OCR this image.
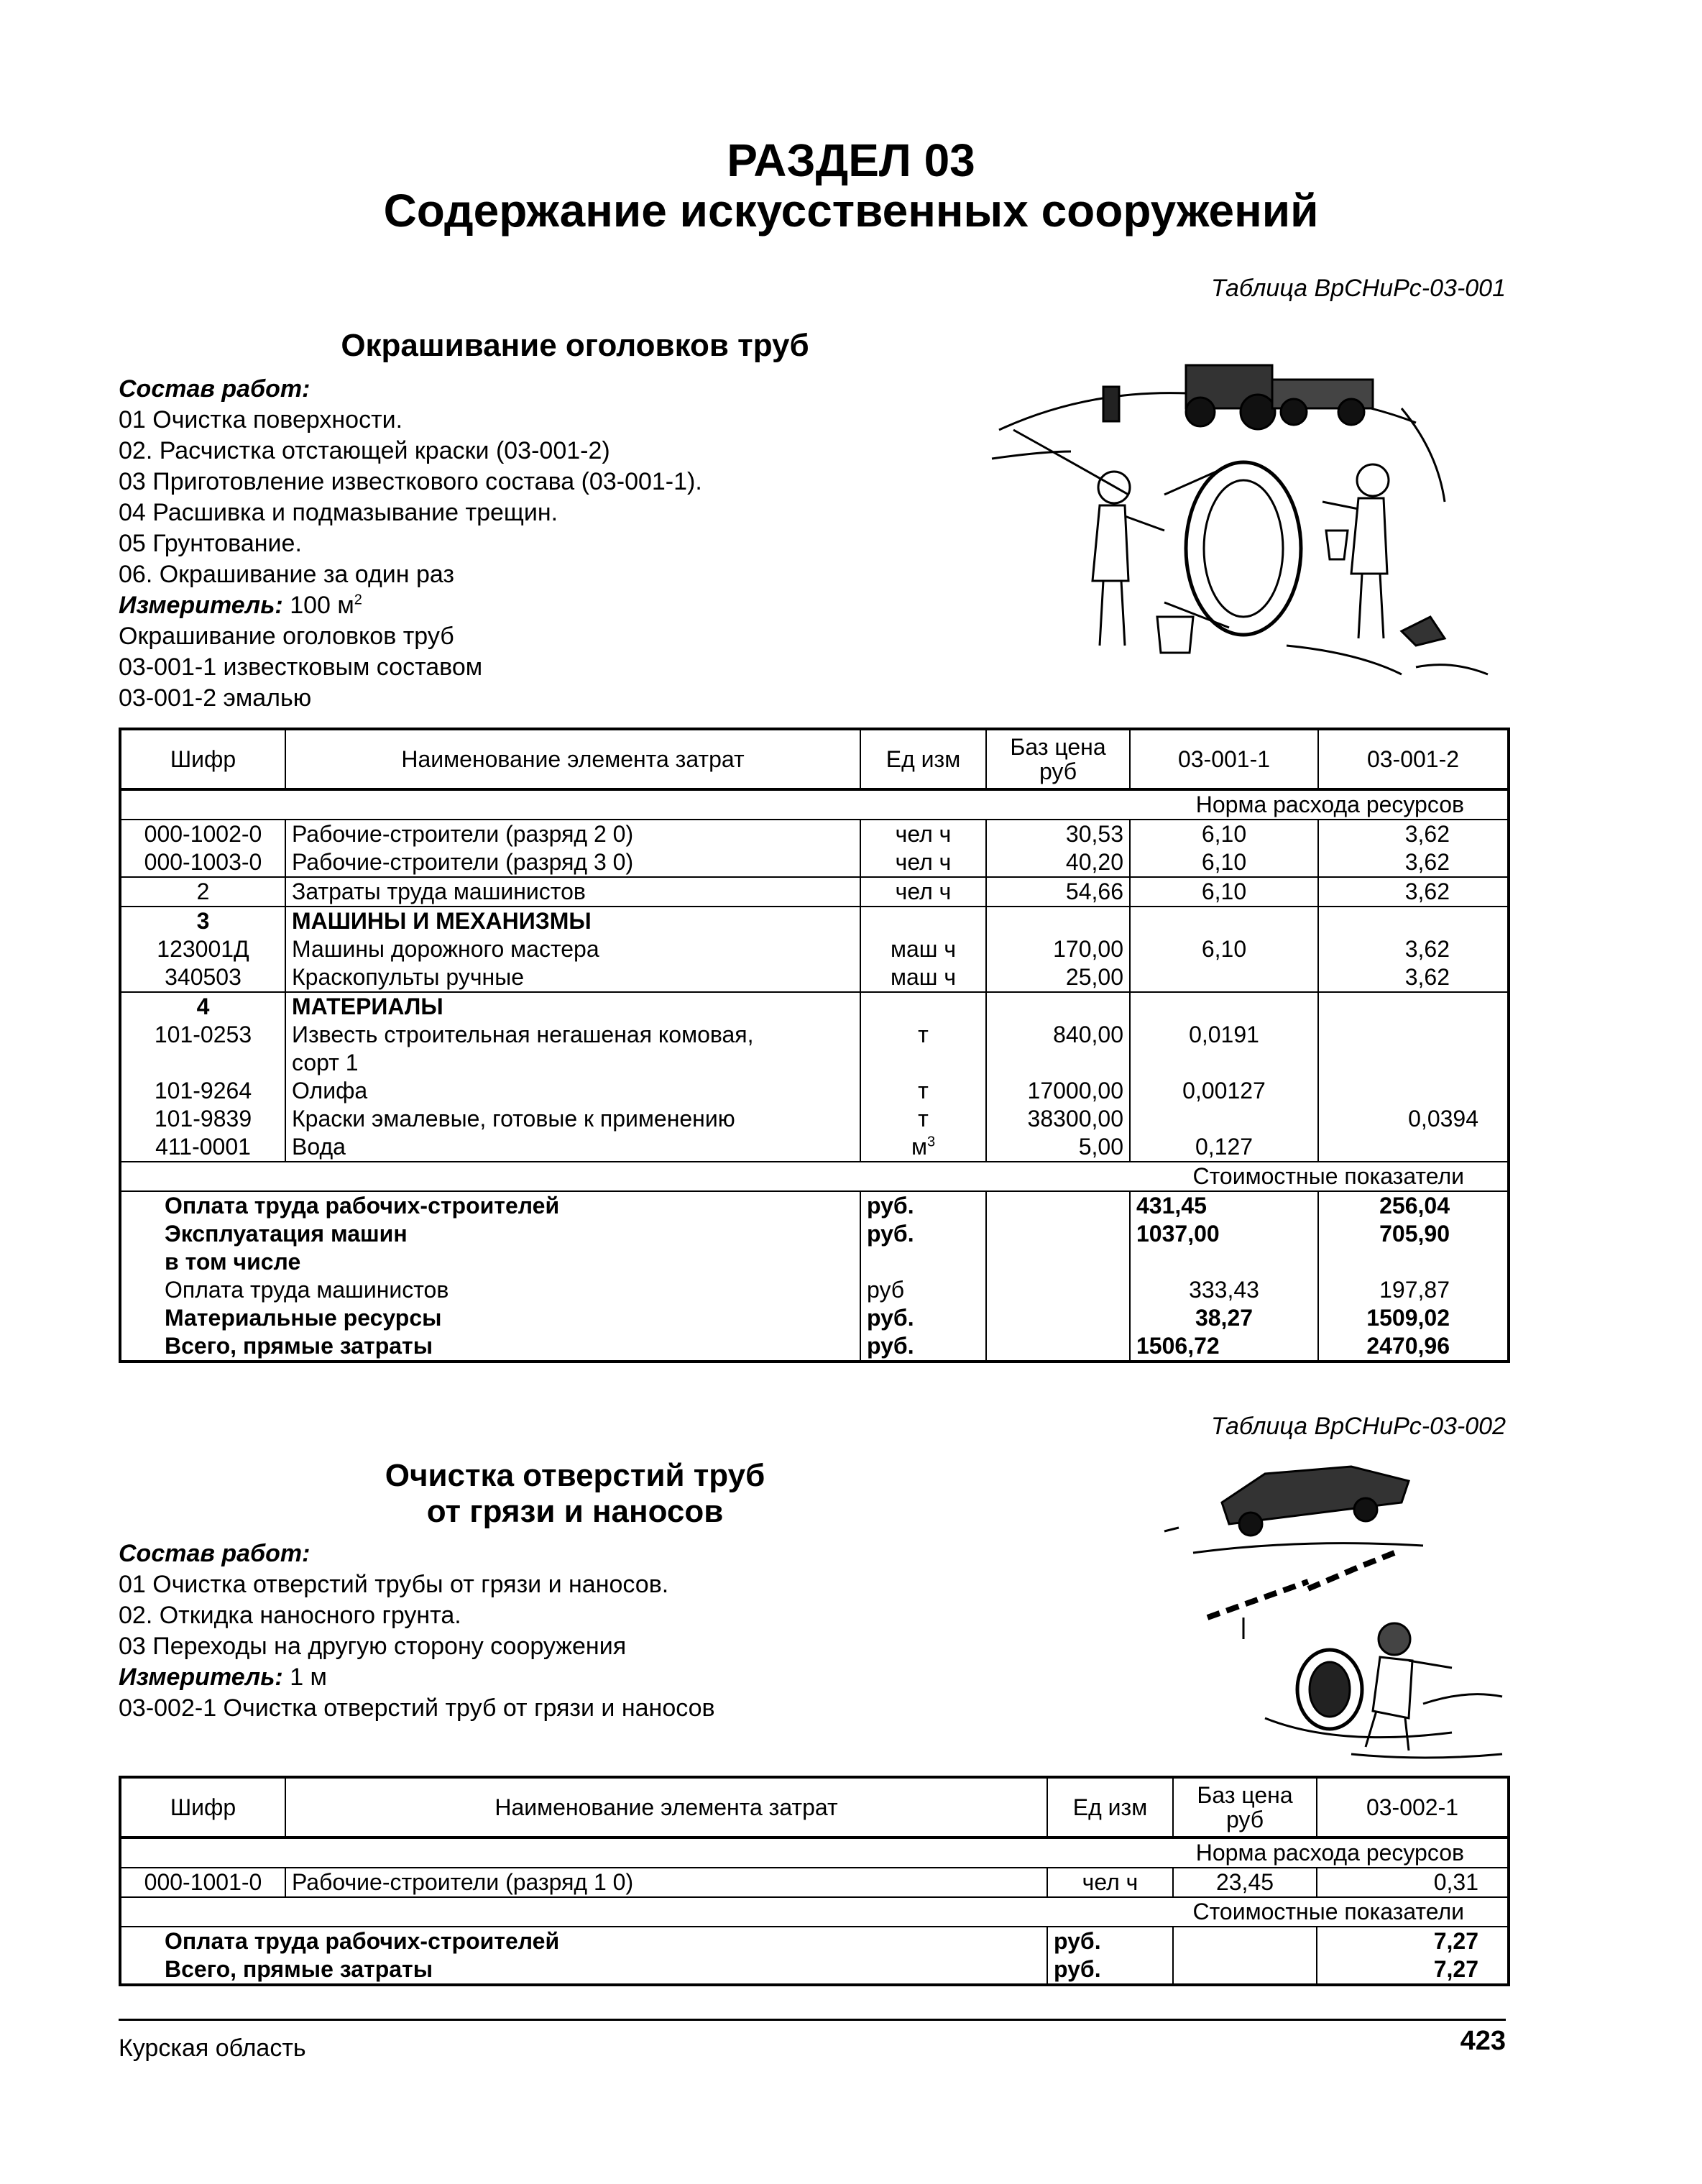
РАЗДЕЛ 03
Содержание искусственных сооружений
Таблица ВрСНиРс-03-001
Окрашивание оголовков труб
Состав работ:
01 Очистка поверхности.
02. Расчистка отстающей краски (03-001-2)
03 Приготовление известкового состава (03-001-1).
04 Расшивка и подмазывание трещин.
05 Грунтование.
06. Окрашивание за один раз
Измеритель: 100 $м^2$
Окрашивание оголовков труб
03-001-1 известковым составом
03-001-2 эмалью
Шифр	Наименование элемента затрат	Ед изм	Баз цена руб	03-001-1	03-001-2
Норма расхода ресурсов					
000-1002-0	Рабочие-строители (разряд 2 0)	чел ч	30,53	6,10	3,62
000-1003-0	Рабочие-строители (разряд 3 0)	чел ч	40,20	6,10	3,62
2	Затраты труда машинистов	чел ч	54,66	6,10	3,62
3	МАШИНЫ И МЕХАНИЗМЫ				
123001Д	Машины дорожного мастера	маш ч	170,00	6,10	3,62
340503	Краскопульты ручные	маш ч	25,00		3,62
4	МАТЕРИАЛЫ				
101-0253	Известь строительная негашеная комовая,
сорт 1	т	840,00	0,0191	
101-9264	Олифа	т	17000,00	0,00127	
101-9839	Краски эмалевые, готовые к применению	т	38300,00		0,0394
411-0001	Вода	$м^3$	5,00	0,127	
Стоимостные показатели					
Оплата труда рабочих-строителей		руб.		431,45	256,04
Эксплуатация машин		руб.		1037,00	705,90
в том числе					
Оплата труда машинистов		руб		333,43	197,87
Материальные ресурсы		руб.		38,27	1509,02
Всего, прямые затраты		руб.		1506,72	2470,96
Таблица ВрСНиРс-03-002
Очистка отверстий труб
от грязи и наносов
Состав работ:
01 Очистка отверстий трубы от грязи и наносов.
02. Откидка наносного грунта.
03 Переходы на другую сторону сооружения
Измеритель: 1 м
03-002-1 Очистка отверстий труб от грязи и наносов
Шифр	Наименование элемента затрат	Ед изм	Баз цена руб	03-002-1
Норма расхода ресурсов				
000-1001-0	Рабочие-строители (разряд 1 0)	чел ч	23,45	0,31
Стоимостные показатели				
Оплата труда рабочих-строителей		руб.		7,27
Всего, прямые затраты		руб.		7,27
Курская область	423
